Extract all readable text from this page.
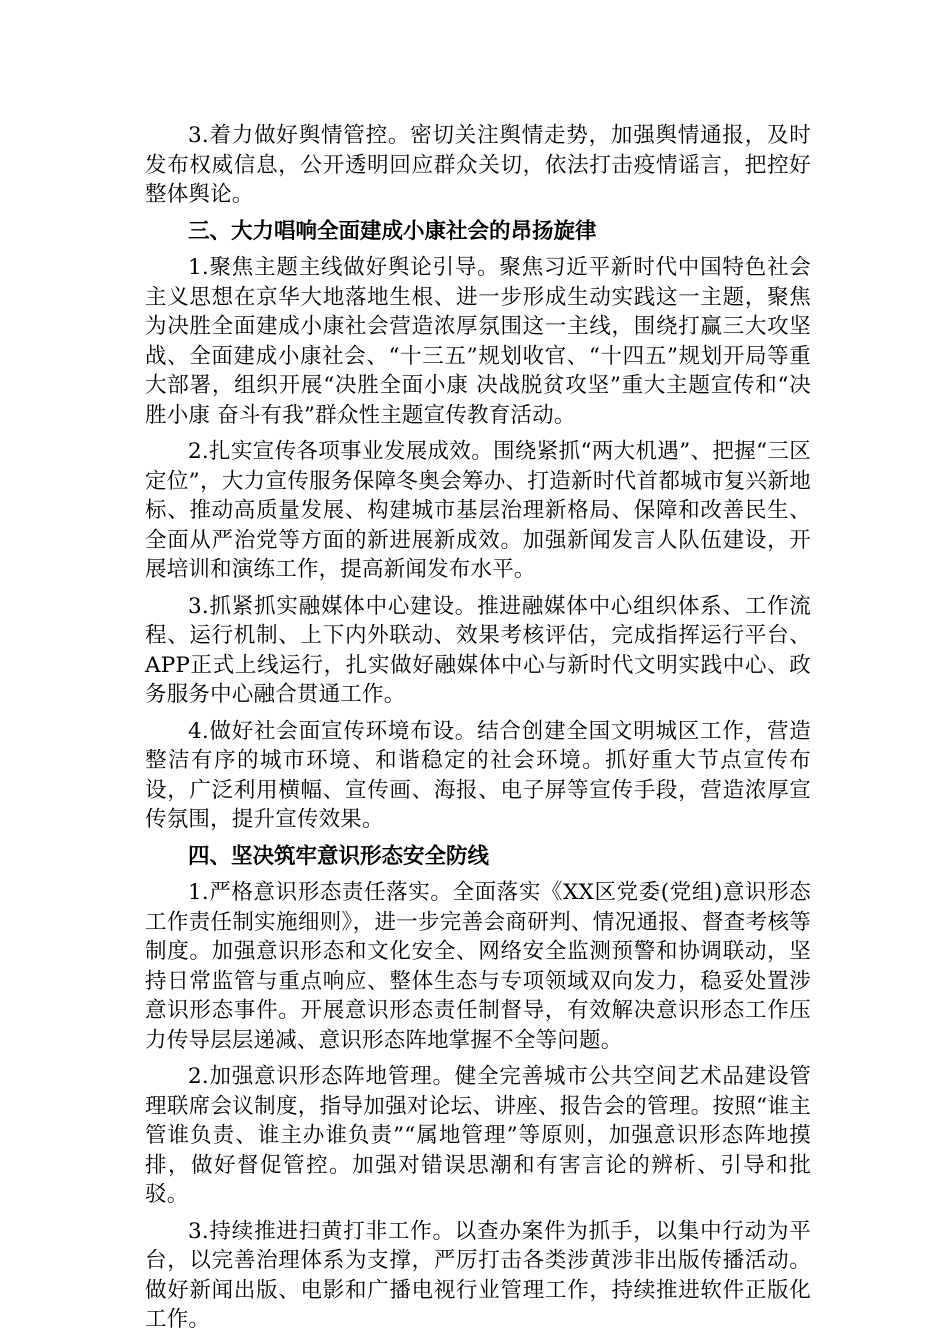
3.着力做好舆情管控。密切关注舆情走势，加强舆情通报，及时发布权威信息，公开透明回应群众关切，依法打击疫情谣言，把控好整体舆论。

三、大力唱响全面建成小康社会的昂扬旋律

1.聚焦主题主线做好舆论引导。聚焦习近平新时代中国特色社会主义思想在京华大地落地生根、进一步形成生动实践这一主题，聚焦为决胜全面建成小康社会营造浓厚氛围这一主线，围绕打赢三大攻坚战、全面建成小康社会、“十三五”规划收官、“十四五”规划开局等重大部署，组织开展“决胜全面小康 决战脱贫攻坚”重大主题宣传和“决胜小康 奋斗有我”群众性主题宣传教育活动。

2.扎实宣传各项事业发展成效。围绕紧抓“两大机遇”、把握“三区定位”，大力宣传服务保障冬奥会筹办、打造新时代首都城市复兴新地标、推动高质量发展、构建城市基层治理新格局、保障和改善民生、全面从严治党等方面的新进展新成效。加强新闻发言人队伍建设，开展培训和演练工作，提高新闻发布水平。

3.抓紧抓实融媒体中心建设。推进融媒体中心组织体系、工作流程、运行机制、上下内外联动、效果考核评估，完成指挥运行平台、APP正式上线运行，扎实做好融媒体中心与新时代文明实践中心、政务服务中心融合贯通工作。

4.做好社会面宣传环境布设。结合创建全国文明城区工作，营造整洁有序的城市环境、和谐稳定的社会环境。抓好重大节点宣传布设，广泛利用横幅、宣传画、海报、电子屏等宣传手段，营造浓厚宣传氛围，提升宣传效果。

四、坚决筑牢意识形态安全防线

1.严格意识形态责任落实。全面落实《XX区党委(党组)意识形态工作责任制实施细则》，进一步完善会商研判、情况通报、督查考核等制度。加强意识形态和文化安全、网络安全监测预警和协调联动，坚持日常监管与重点响应、整体生态与专项领域双向发力，稳妥处置涉意识形态事件。开展意识形态责任制督导，有效解决意识形态工作压力传导层层递减、意识形态阵地掌握不全等问题。

2.加强意识形态阵地管理。健全完善城市公共空间艺术品建设管理联席会议制度，指导加强对论坛、讲座、报告会的管理。按照“谁主管谁负责、谁主办谁负责”“属地管理”等原则，加强意识形态阵地摸排，做好督促管控。加强对错误思潮和有害言论的辨析、引导和批驳。

3.持续推进扫黄打非工作。以查办案件为抓手，以集中行动为平台，以完善治理体系为支撑，严厉打击各类涉黄涉非出版传播活动。做好新闻出版、电影和广播电视行业管理工作，持续推进软件正版化工作。
